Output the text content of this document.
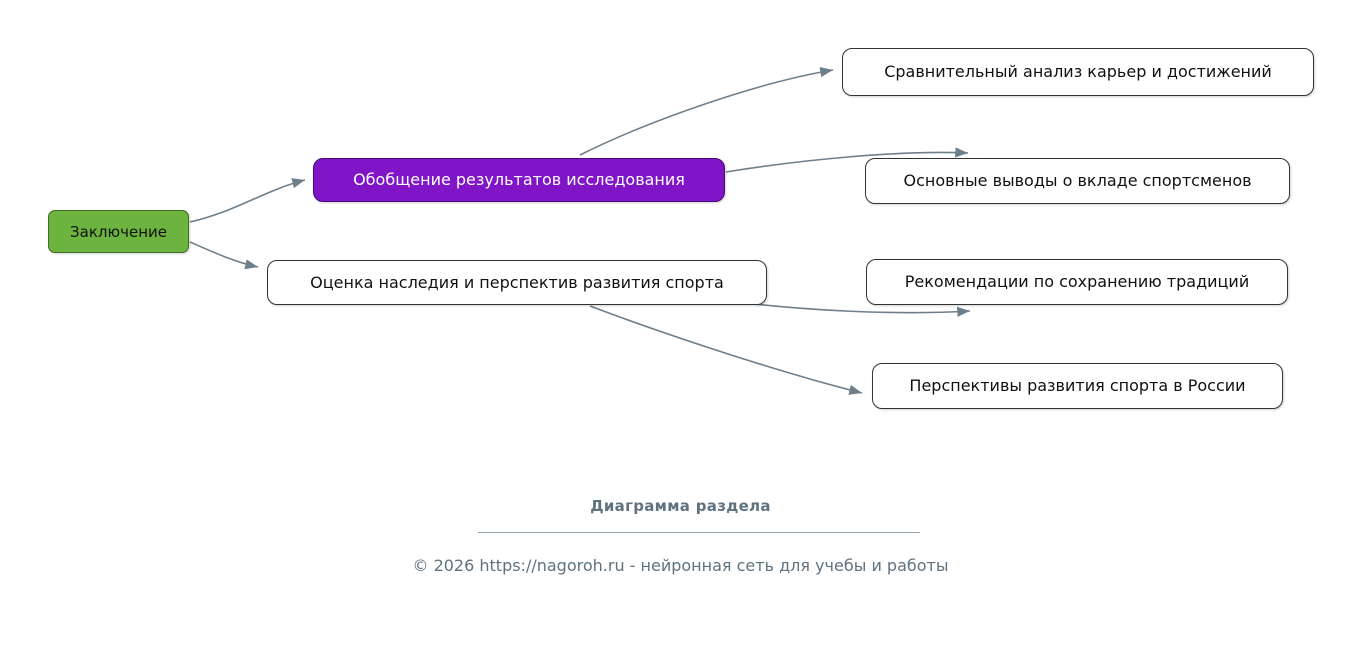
Заключение
Обобщение результатов исследования
Оценка наследия и перспектив развития спорта
Сравнительный анализ карьер и достижений
Основные выводы о вкладе спортсменов
Рекомендации по сохранению традиций
Перспективы развития спорта в России
Диаграмма раздела
© 2026 https://nagoroh.ru - нейронная сеть для учебы и работы
